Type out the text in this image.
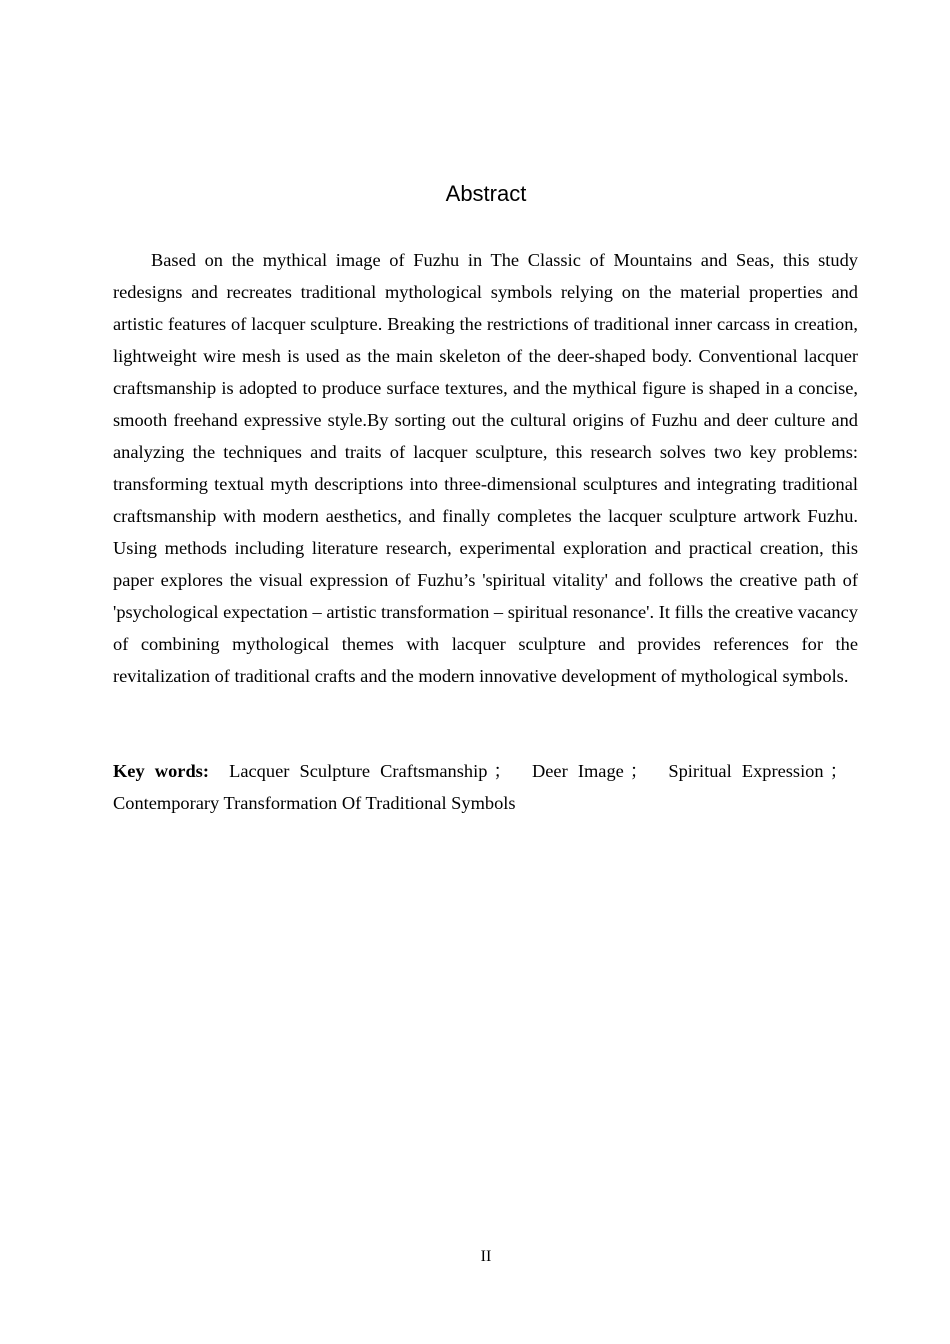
Abstract

Based on the mythical image of Fuzhu in The Classic of Mountains and Seas, this study redesigns and recreates traditional mythological symbols relying on the material properties and artistic features of lacquer sculpture. Breaking the restrictions of traditional inner carcass in creation, lightweight wire mesh is used as the main skeleton of the deer-shaped body. Conventional lacquer craftsmanship is adopted to produce surface textures, and the mythical figure is shaped in a concise, smooth freehand expressive style.By sorting out the cultural origins of Fuzhu and deer culture and analyzing the techniques and traits of lacquer sculpture, this research solves two key problems: transforming textual myth descriptions into three-dimensional sculptures and integrating traditional craftsmanship with modern aesthetics, and finally completes the lacquer sculpture artwork Fuzhu. Using methods including literature research, experimental exploration and practical creation, this paper explores the visual expression of Fuzhu’s 'spiritual vitality' and follows the creative path of 'psychological expectation – artistic transformation – spiritual resonance'. It fills the creative vacancy of combining mythological themes with lacquer sculpture and provides references for the revitalization of traditional crafts and the modern innovative development of mythological symbols.

Key words: Lacquer Sculpture Craftsmanship ； Deer Image ； Spiritual Expression ； Contemporary Transformation Of Traditional Symbols

II
